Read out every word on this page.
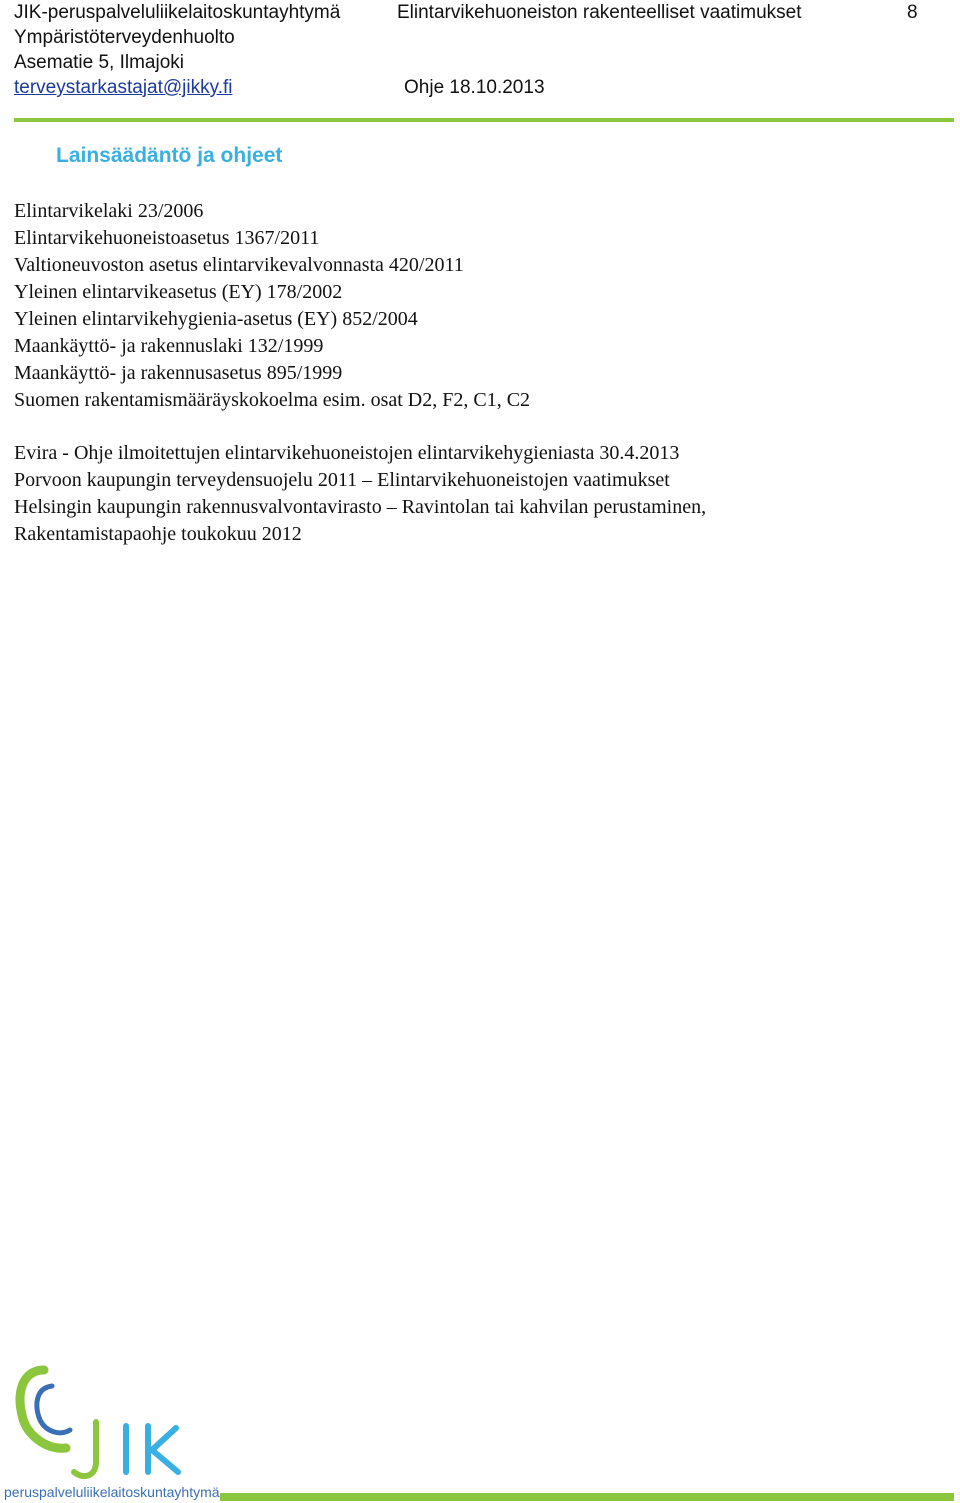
JIK-peruspalveluliikelaitoskuntayhtymä	Elintarvikehuoneiston rakenteelliset vaatimukset	8
Ympäristöterveydenhuolto
Asematie 5, Ilmajoki
terveystarkastajat@jikky.fi	Ohje 18.10.2013
Lainsäädäntö ja ohjeet
Elintarvikelaki 23/2006
Elintarvikehuoneistoasetus 1367/2011
Valtioneuvoston asetus elintarvikevalvonnasta 420/2011
Yleinen elintarvikeasetus (EY) 178/2002
Yleinen elintarvikehygienia-asetus (EY) 852/2004
Maankäyttö- ja rakennuslaki 132/1999
Maankäyttö- ja rakennusasetus 895/1999
Suomen rakentamismääräyskokoelma esim. osat D2, F2, C1, C2
Evira - Ohje ilmoitettujen elintarvikehuoneistojen elintarvikehygieniasta 30.4.2013
Porvoon kaupungin terveydensuojelu 2011 – Elintarvikehuoneistojen vaatimukset
Helsingin kaupungin rakennusvalvontavirasto – Ravintolan tai kahvilan perustaminen,
Rakentamistapaohje toukokuu 2012
peruspalveluliikelaitoskuntayhtymä
